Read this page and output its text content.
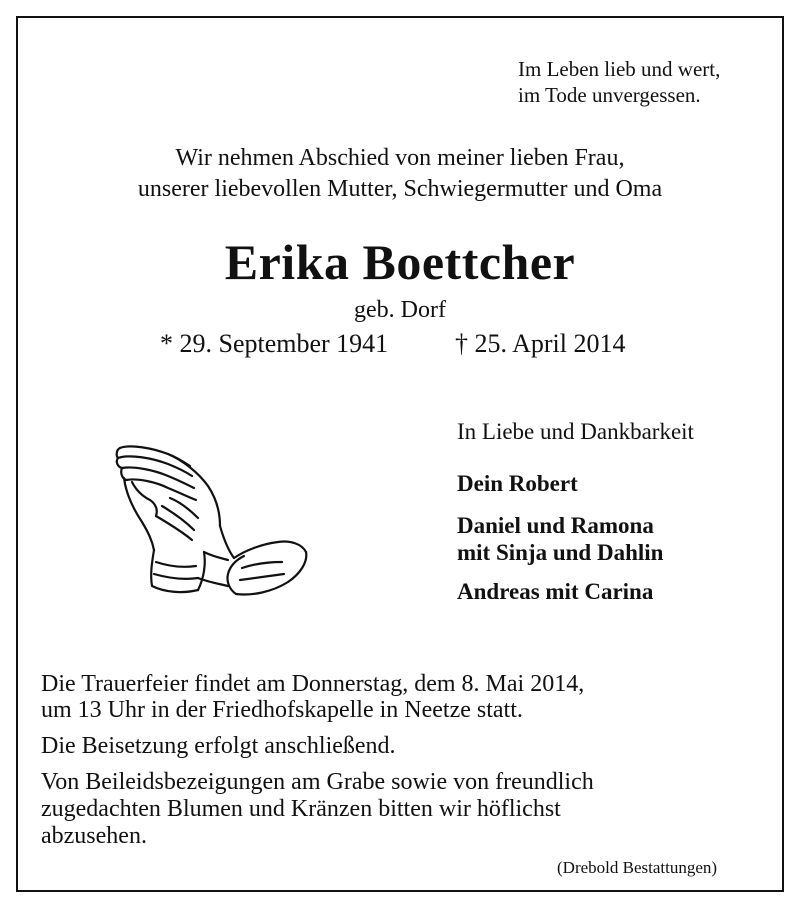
Im Leben lieb und wert,
im Tode unvergessen.
Wir nehmen Abschied von meiner lieben Frau,
unserer liebevollen Mutter, Schwiegermutter und Oma
Erika Boettcher
geb. Dorf
* 29. September 1941	† 25. April 2014
In Liebe und Dankbarkeit
Dein Robert
Daniel und Ramona
mit Sinja und Dahlin
Andreas mit Carina
Die Trauerfeier findet am Donnerstag, dem 8. Mai 2014,
um 13 Uhr in der Friedhofskapelle in Neetze statt.
Die Beisetzung erfolgt anschließend.
Von Beileidsbezeigungen am Grabe sowie von freundlich
zugedachten Blumen und Kränzen bitten wir höflichst
abzusehen.
(Drebold Bestattungen)
